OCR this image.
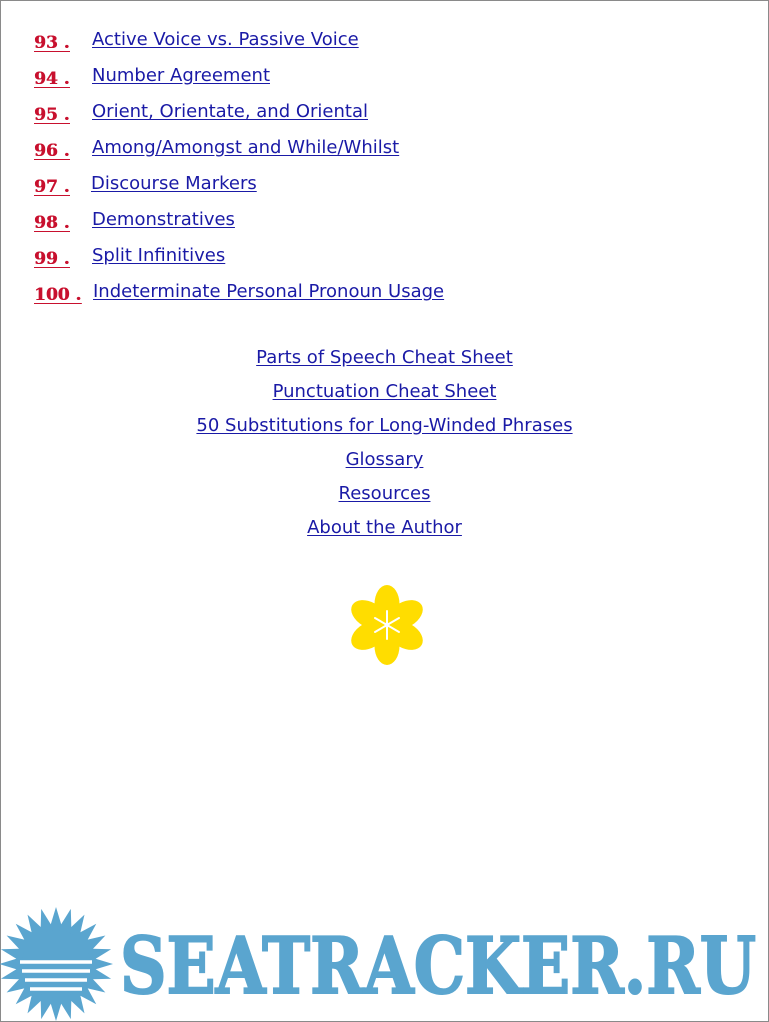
93 .	Active Voice vs. Passive Voice
94 .	Number Agreement
95 .	Orient, Orientate, and Oriental
96 .	Among/Amongst and While/Whilst
97 .	Discourse Markers
98 .	Demonstratives
99 .	Split Infinitives
100 . Indeterminate Personal Pronoun Usage
Parts of Speech Cheat Sheet
Punctuation Cheat Sheet
50 Substitutions for Long-Winded Phrases
Glossary
Resources
About the Author
SEATRACKER.RU
